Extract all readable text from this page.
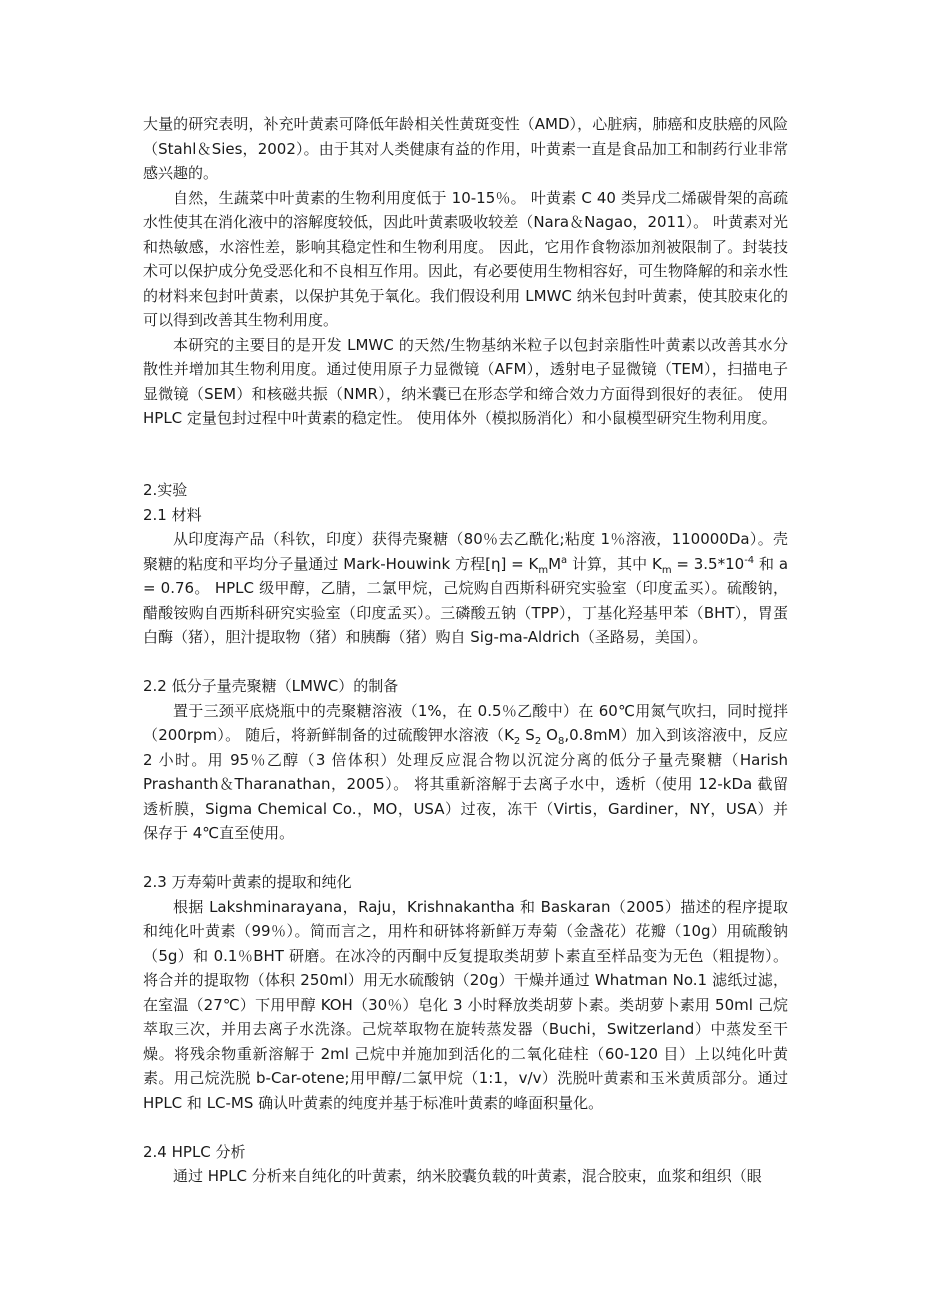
大量的研究表明，补充叶黄素可降低年龄相关性黄斑变性（AMD），心脏病，肺癌和皮肤癌的风险（Stahl＆Sies，2002）。由于其对人类健康有益的作用，叶黄素一直是食品加工和制药行业非常感兴趣的。

自然，生蔬菜中叶黄素的生物利用度低于 10-15％。 叶黄素 C 40 类异戊二烯碳骨架的高疏水性使其在消化液中的溶解度较低，因此叶黄素吸收较差（Nara＆Nagao，2011）。 叶黄素对光和热敏感，水溶性差，影响其稳定性和生物利用度。 因此，它用作食物添加剂被限制了。封装技术可以保护成分免受恶化和不良相互作用。因此，有必要使用生物相容好，可生物降解的和亲水性的材料来包封叶黄素，以保护其免于氧化。我们假设利用 LMWC 纳米包封叶黄素，使其胶束化的可以得到改善其生物利用度。

本研究的主要目的是开发 LMWC 的天然/生物基纳米粒子以包封亲脂性叶黄素以改善其水分散性并增加其生物利用度。通过使用原子力显微镜（AFM），透射电子显微镜（TEM），扫描电子显微镜（SEM）和核磁共振（NMR），纳米囊已在形态学和缔合效力方面得到很好的表征。 使用 HPLC 定量包封过程中叶黄素的稳定性。 使用体外（模拟肠消化）和小鼠模型研究生物利用度。

2.实验

2.1 材料

从印度海产品（科钦，印度）获得壳聚糖（80％去乙酰化;粘度 1％溶液，110000Da）。壳聚糖的粘度和平均分子量通过 Mark-Houwink 方程$[\eta] = K_mM^a$ 计算，其中 $K_m = 3.5*10^{-4}$ 和 a = 0.76。 HPLC 级甲醇，乙腈，二氯甲烷，己烷购自西斯科研究实验室（印度孟买）。硫酸钠，醋酸铵购自西斯科研究实验室（印度孟买）。三磷酸五钠（TPP），丁基化羟基甲苯（BHT），胃蛋白酶（猪），胆汁提取物（猪）和胰酶（猪）购自 Sig-ma-Aldrich（圣路易，美国）。

2.2 低分子量壳聚糖（LMWC）的制备

置于三颈平底烧瓶中的壳聚糖溶液（1%，在 0.5％乙酸中）在 60℃用氮气吹扫，同时搅拌（200rpm）。 随后，将新鲜制备的过硫酸钾水溶液（$K_2$ $S_2$ $O_8,0.8mM$）加入到该溶液中，反应 2 小时。用 95％乙醇（3 倍体积）处理反应混合物以沉淀分离的低分子量壳聚糖（Harish Prashanth＆Tharanathan，2005）。 将其重新溶解于去离子水中，透析（使用 12-kDa 截留透析膜，Sigma Chemical Co.，MO，USA）过夜，冻干（Virtis，Gardiner，NY，USA）并保存于 4℃直至使用。

2.3 万寿菊叶黄素的提取和纯化

根据 Lakshminarayana，Raju，Krishnakantha 和 Baskaran（2005）描述的程序提取和纯化叶黄素（99％）。简而言之，用杵和研钵将新鲜万寿菊（金盏花）花瓣（10g）用硫酸钠（5g）和 0.1％BHT 研磨。在冰冷的丙酮中反复提取类胡萝卜素直至样品变为无色（粗提物）。将合并的提取物（体积 250ml）用无水硫酸钠（20g）干燥并通过 Whatman No.1 滤纸过滤，在室温（27℃）下用甲醇 KOH（30％）皂化 3 小时释放类胡萝卜素。类胡萝卜素用 50ml 己烷萃取三次，并用去离子水洗涤。己烷萃取物在旋转蒸发器（Buchi，Switzerland）中蒸发至干燥。将残余物重新溶解于 2ml 己烷中并施加到活化的二氧化硅柱（60-120 目）上以纯化叶黄素。用己烷洗脱 b-Car-otene;用甲醇/二氯甲烷（1:1，v/v）洗脱叶黄素和玉米黄质部分。通过 HPLC 和 LC-MS 确认叶黄素的纯度并基于标准叶黄素的峰面积量化。

2.4 HPLC 分析

通过 HPLC 分析来自纯化的叶黄素，纳米胶囊负载的叶黄素，混合胶束，血浆和组织（眼
